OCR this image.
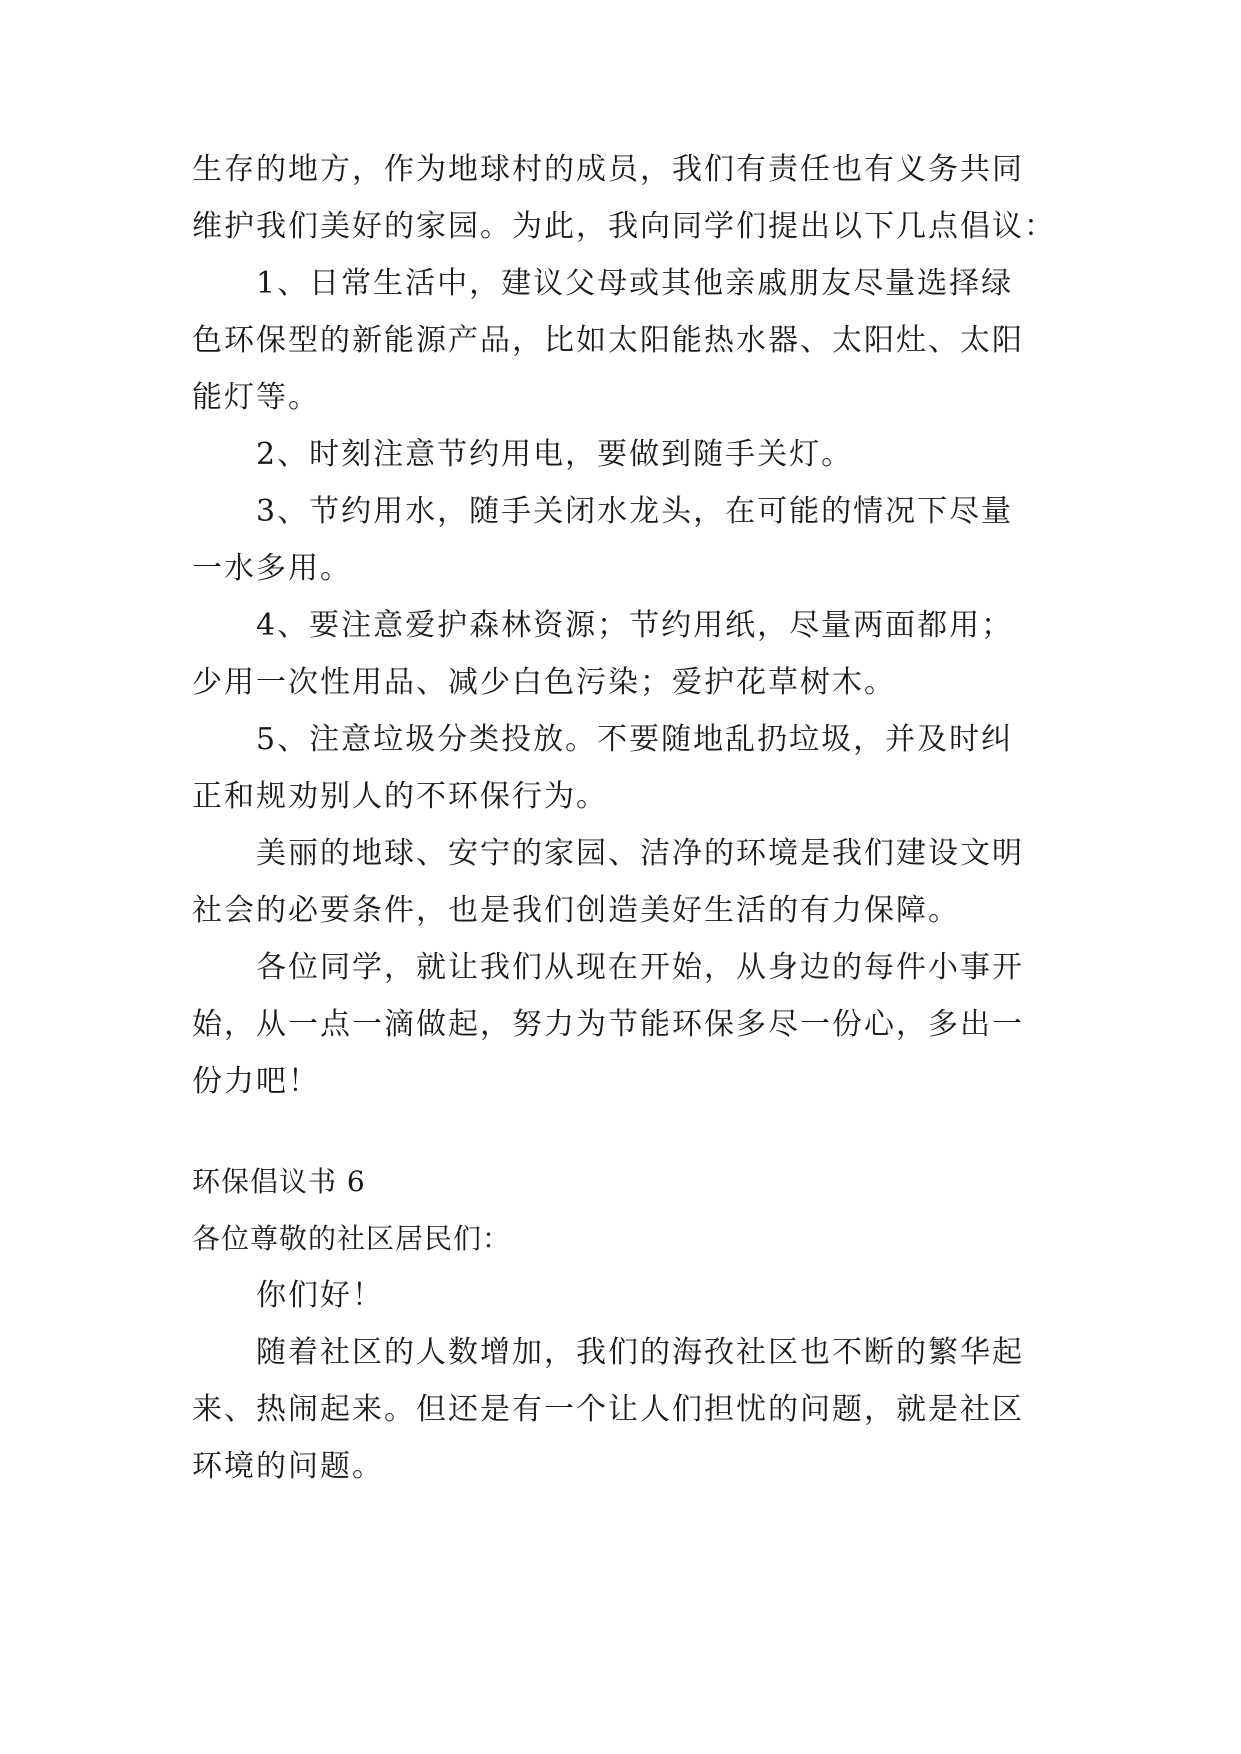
生存的地方，作为地球村的成员，我们有责任也有义务共同
维护我们美好的家园。为此，我向同学们提出以下几点倡议：
1、日常生活中，建议父母或其他亲戚朋友尽量选择绿
色环保型的新能源产品，比如太阳能热水器、太阳灶、太阳
能灯等。
2、时刻注意节约用电，要做到随手关灯。
3、节约用水，随手关闭水龙头，在可能的情况下尽量
一水多用。
4、要注意爱护森林资源；节约用纸，尽量两面都用；
少用一次性用品、减少白色污染；爱护花草树木。
5、注意垃圾分类投放。不要随地乱扔垃圾，并及时纠
正和规劝别人的不环保行为。
美丽的地球、安宁的家园、洁净的环境是我们建设文明
社会的必要条件，也是我们创造美好生活的有力保障。
各位同学，就让我们从现在开始，从身边的每件小事开
始，从一点一滴做起，努力为节能环保多尽一份心，多出一
份力吧！
环保倡议书 6
各位尊敬的社区居民们：
你们好！
随着社区的人数增加，我们的海孜社区也不断的繁华起
来、热闹起来。但还是有一个让人们担忧的问题，就是社区
环境的问题。
